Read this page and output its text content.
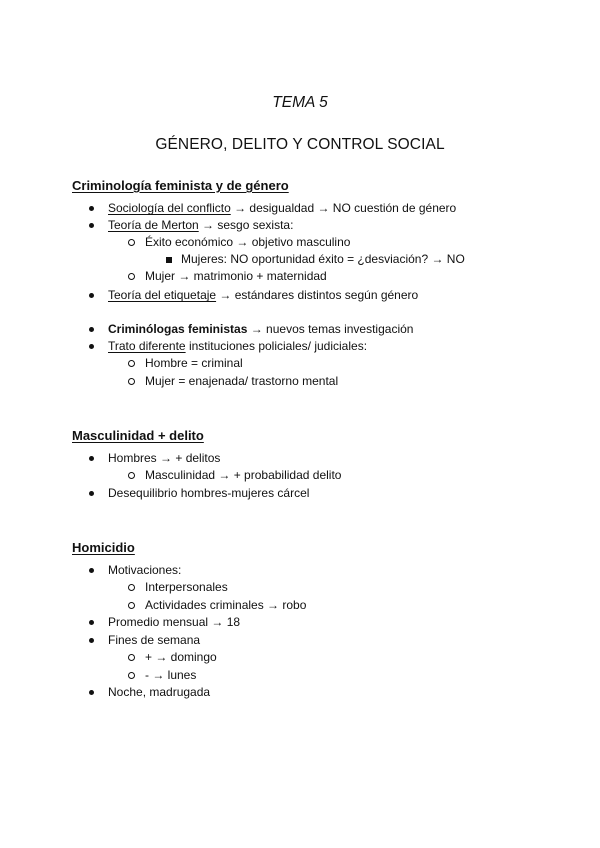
TEMA 5
GÉNERO, DELITO Y CONTROL SOCIAL
Criminología feminista y de género
Sociología del conflicto → desigualdad → NO cuestión de género
Teoría de Merton → sesgo sexista:
Éxito económico → objetivo masculino
Mujeres: NO oportunidad éxito = ¿desviación? → NO
Mujer → matrimonio + maternidad
Teoría del etiquetaje → estándares distintos según género
Criminólogas feministas → nuevos temas investigación
Trato diferente instituciones policiales/ judiciales:
Hombre = criminal
Mujer = enajenada/ trastorno mental
Masculinidad + delito
Hombres → + delitos
Masculinidad → + probabilidad delito
Desequilibrio hombres-mujeres cárcel
Homicidio
Motivaciones:
Interpersonales
Actividades criminales → robo
Promedio mensual → 18
Fines de semana
+ → domingo
- → lunes
Noche, madrugada
